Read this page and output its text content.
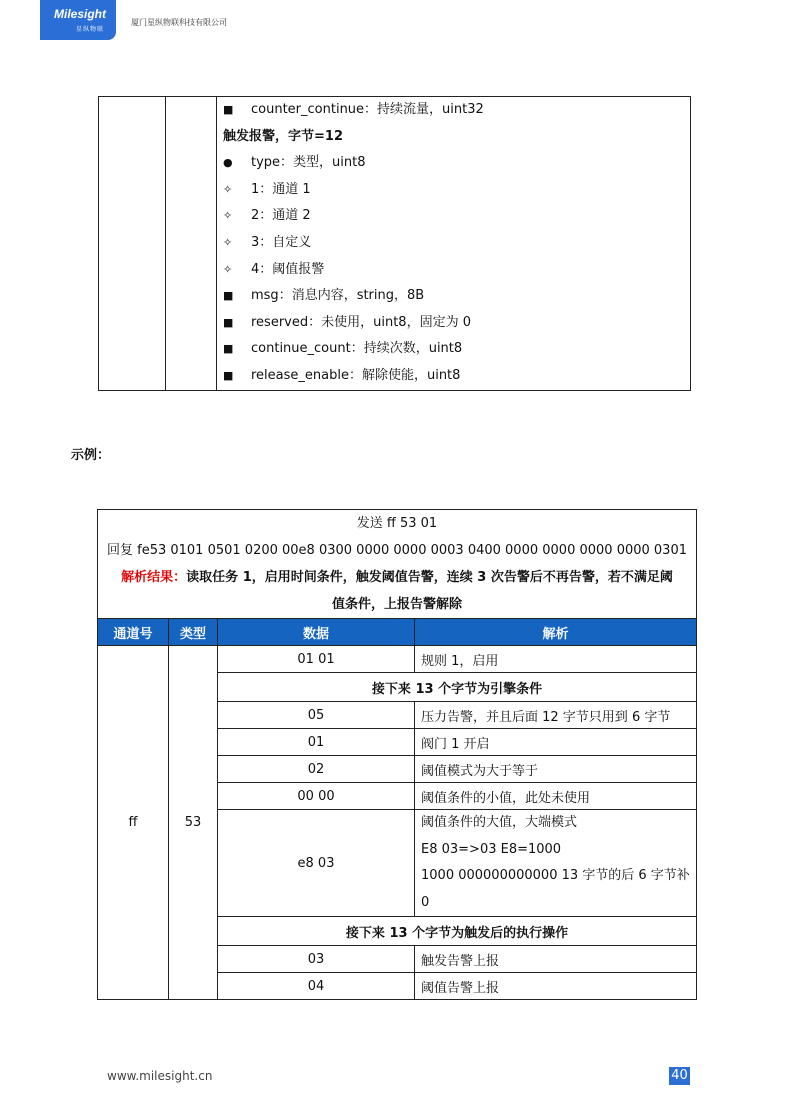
Milesight
星纵物联
厦门星纵物联科技有限公司

■ counter_continue：持续流量，uint32
触发报警，字节=12
● type：类型，uint8
✧ 1：通道 1
✧ 2：通道 2
✧ 3：自定义
✧ 4：阈值报警
■ msg：消息内容，string，8B
■ reserved：未使用，uint8，固定为 0
■ continue_count：持续次数，uint8
■ release_enable：解除使能，uint8
示例：
发送 ff 53 01
回复 fe53 0101 0501 0200 00e8 0300 0000 0000 0003 0400 0000 0000 0000 0000 0301
解析结果：读取任务 1，启用时间条件，触发阈值告警，连续 3 次告警后不再告警，若不满足阈
值条件，上报告警解除			

通道号	类型	数据	解析
ff	53	01 01	规则 1，启用
		接下来 13 个字节为引擎条件	
		05	压力告警，并且后面 12 字节只用到 6 字节
		01	阀门 1 开启
		02	阈值模式为大于等于
		00 00	阈值条件的小值，此处未使用
		e8 03	阈值条件的大值，大端模式
E8 03=>03 E8=1000
1000 000000000000 13 字节的后 6 字节补
0

		接下来 13 个字节为触发后的执行操作	
		03	触发告警上报
		04	阈值告警上报
www.milesight.cn	40
